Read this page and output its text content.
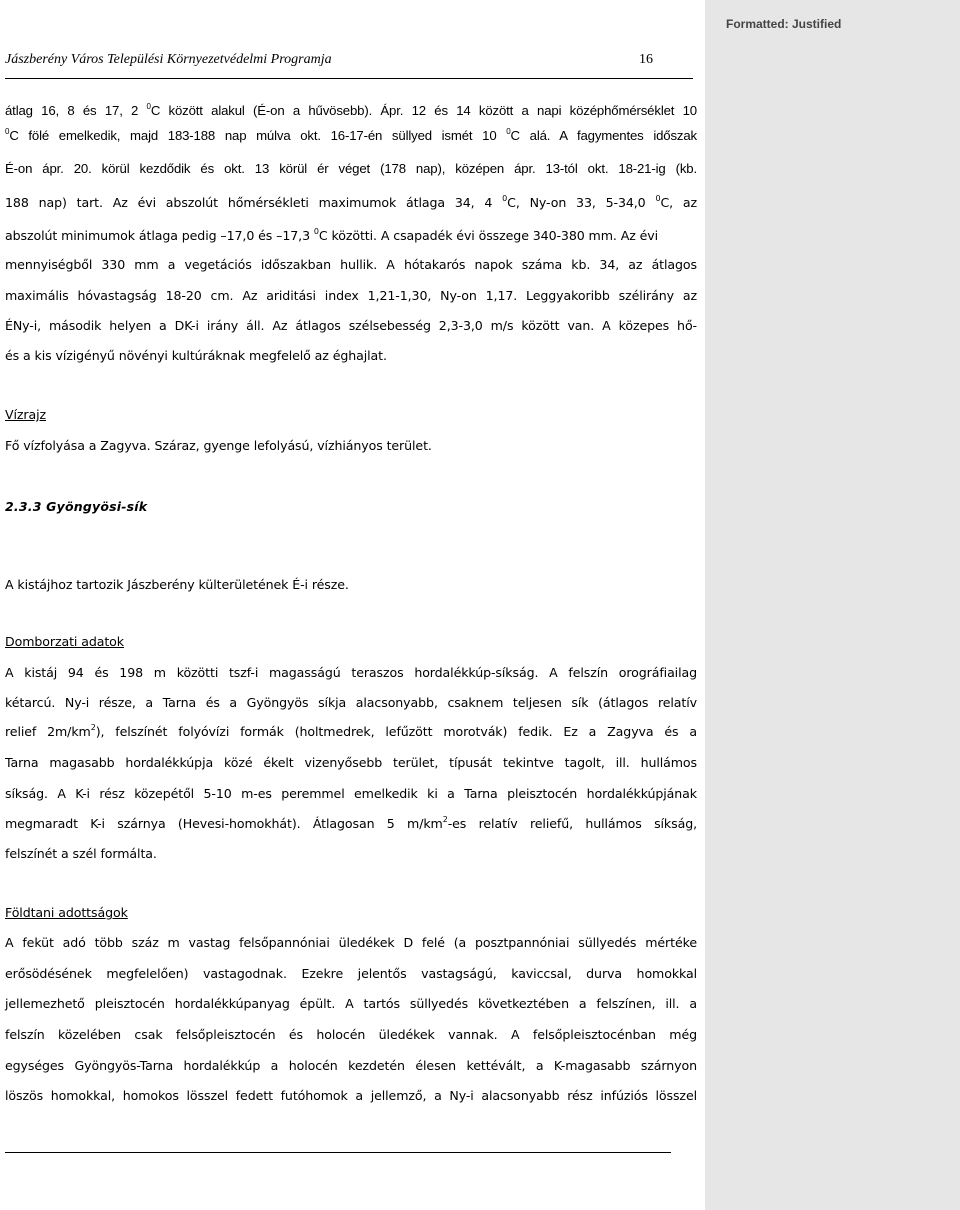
Jászberény Város Települési Környezetvédelmi Programja	16
átlag 16, 8 és 17, 2 $^0$C között alakul (É-on a hűvösebb). Ápr. 12 és 14 között a napi középhőmérséklet 10
$^0$C fölé emelkedik, majd 183-188 nap múlva okt. 16-17-én süllyed ismét 10 $^0$C alá. A fagymentes időszak
É-on ápr. 20. körül kezdődik és okt. 13 körül ér véget (178 nap), középen ápr. 13-tól okt. 18-21-ig (kb.
188 nap) tart. Az évi abszolút hőmérsékleti maximumok átlaga 34, 4 $^0$C, Ny-on 33, 5-34,0 $^0$C, az
abszolút minimumok átlaga pedig –17,0 és –17,3 $^0$C közötti. A csapadék évi összege 340-380 mm. Az évi
mennyiségből 330 mm a vegetációs időszakban hullik. A hótakarós napok száma kb. 34, az átlagos
maximális hóvastagság 18-20 cm. Az ariditási index 1,21-1,30, Ny-on 1,17. Leggyakoribb szélirány az
ÉNy-i, második helyen a DK-i irány áll. Az átlagos szélsebesség 2,3-3,0 m/s között van. A közepes hő-
és a kis vízigényű növényi kultúráknak megfelelő az éghajlat.
Vízrajz
Fő vízfolyása a Zagyva. Száraz, gyenge lefolyású, vízhiányos terület.
2.3.3 Gyöngyösi-sík
A kistájhoz tartozik Jászberény külterületének É-i része.
Domborzati adatok
A kistáj 94 és 198 m közötti tszf-i magasságú teraszos hordalékkúp-síkság. A felszín orográfiailag
kétarcú. Ny-i része, a Tarna és a Gyöngyös síkja alacsonyabb, csaknem teljesen sík (átlagos relatív
relief $2m/km^2$), felszínét folyóvízi formák (holtmedrek, lefűzött morotvák) fedik. Ez a Zagyva és a
Tarna magasabb hordalékkúpja közé ékelt vizenyősebb terület, típusát tekintve tagolt, ill. hullámos
síkság. A K-i rész közepétől 5-10 m-es peremmel emelkedik ki a Tarna pleisztocén hordalékkúpjának
megmaradt K-i szárnya (Hevesi-homokhát). Átlagosan 5 $m/km^2-es$ relatív reliefű, hullámos síkság,
felszínét a szél formálta.
Földtani adottságok
A feküt adó több száz m vastag felsőpannóniai üledékek D felé (a posztpannóniai süllyedés mértéke
erősödésének megfelelően) vastagodnak. Ezekre jelentős vastagságú, kaviccsal, durva homokkal
jellemezhető pleisztocén hordalékkúpanyag épült. A tartós süllyedés következtében a felszínen, ill. a
felszín közelében csak felsőpleisztocén és holocén üledékek vannak. A felsőpleisztocénban még
egységes Gyöngyös-Tarna hordalékkúp a holocén kezdetén élesen kettévált, a K-magasabb szárnyon
löszös homokkal, homokos lösszel fedett futóhomok a jellemző, a Ny-i alacsonyabb rész infúziós lösszel
Formatted: Justified
